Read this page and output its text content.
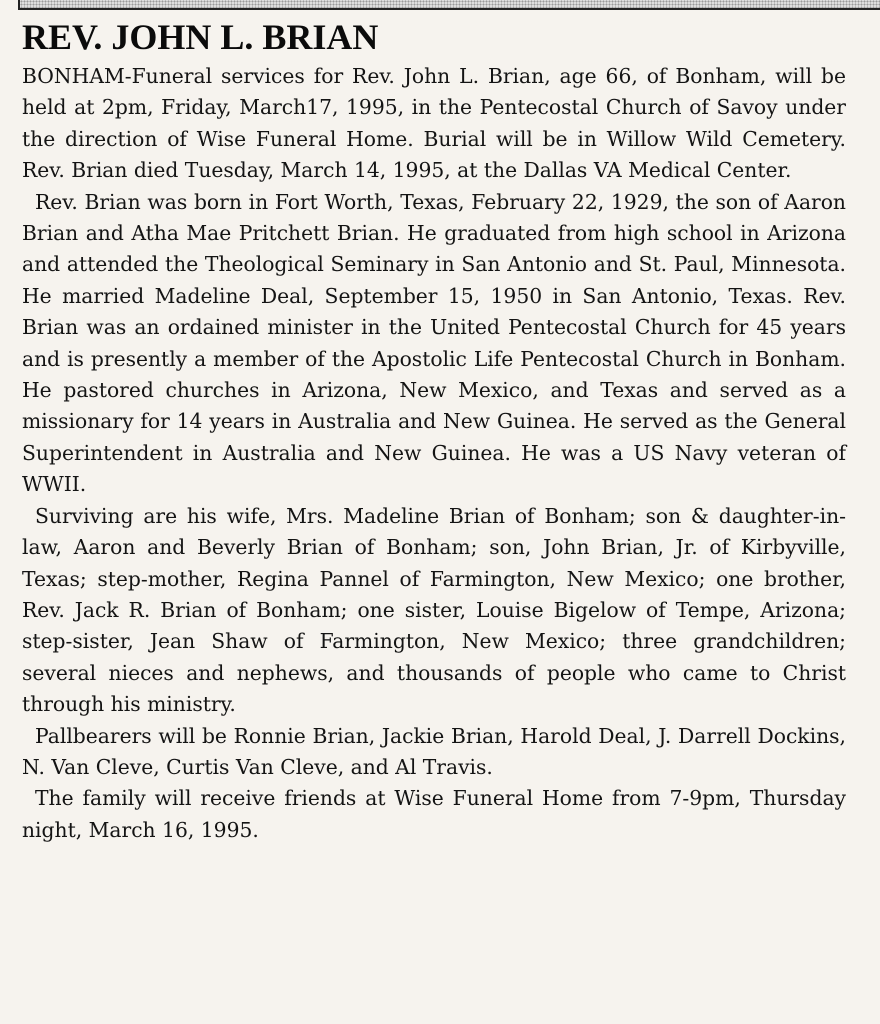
REV. JOHN L. BRIAN

BONHAM-Funeral services for Rev. John L. Brian, age 66, of Bonham, will be held at 2pm, Friday, March17, 1995, in the Pentecostal Church of Savoy under the direction of Wise Funeral Home. Burial will be in Willow Wild Cemetery. Rev. Brian died Tuesday, March 14, 1995, at the Dallas VA Medical Center.

Rev. Brian was born in Fort Worth, Texas, February 22, 1929, the son of Aaron Brian and Atha Mae Pritchett Brian. He graduated from high school in Arizona and attended the Theological Seminary in San Antonio and St. Paul, Minnesota. He married Madeline Deal, September 15, 1950 in San Antonio, Texas. Rev. Brian was an ordained minister in the United Pentecostal Church for 45 years and is presently a member of the Apostolic Life Pentecostal Church in Bonham. He pastored churches in Arizona, New Mexico, and Texas and served as a missionary for 14 years in Australia and New Guinea. He served as the General Superintendent in Australia and New Guinea. He was a US Navy veteran of WWII.

Surviving are his wife, Mrs. Madeline Brian of Bonham; son & daughter-in-law, Aaron and Beverly Brian of Bonham; son, John Brian, Jr. of Kirbyville, Texas; step-mother, Regina Pannel of Farmington, New Mexico; one brother, Rev. Jack R. Brian of Bonham; one sister, Louise Bigelow of Tempe, Arizona; step-sister, Jean Shaw of Farmington, New Mexico; three grandchildren; several nieces and nephews, and thousands of people who came to Christ through his ministry.

Pallbearers will be Ronnie Brian, Jackie Brian, Harold Deal, J. Darrell Dockins, N. Van Cleve, Curtis Van Cleve, and Al Travis.

The family will receive friends at Wise Funeral Home from 7-9pm, Thursday night, March 16, 1995.
